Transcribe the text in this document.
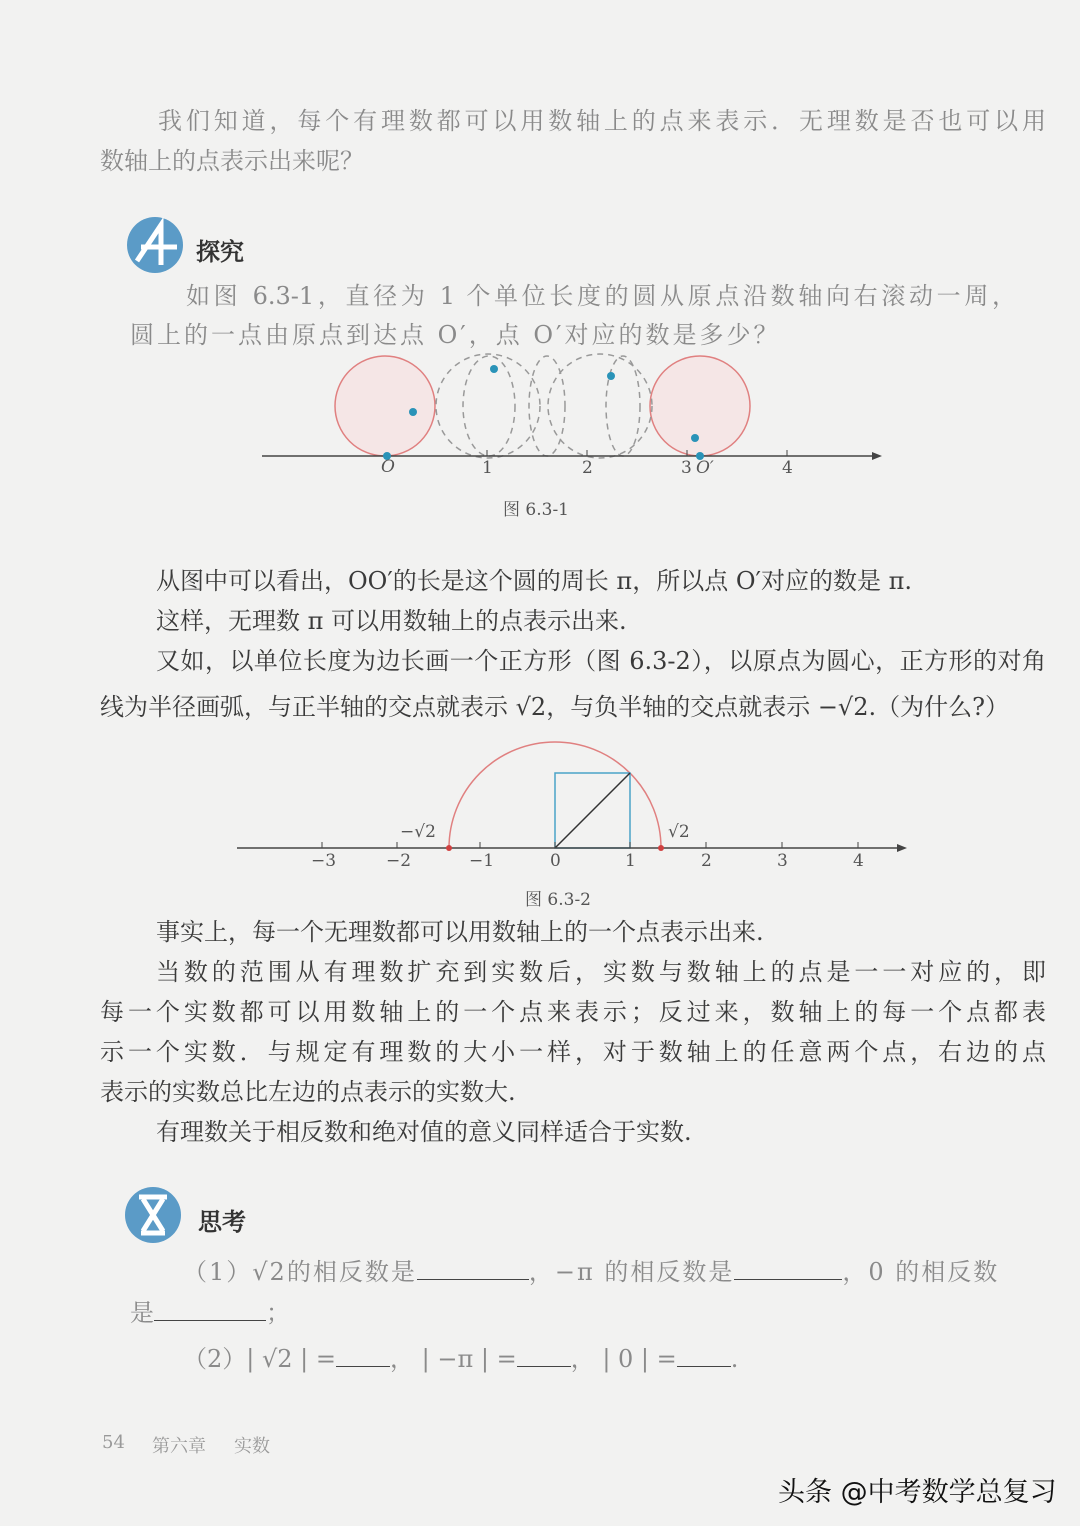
我们知道，每个有理数都可以用数轴上的点来表示．无理数是否也可以用
数轴上的点表示出来呢？
探究
如图 6.3-1，直径为 1 个单位长度的圆从原点沿数轴向右滚动一周，
圆上的一点由原点到达点 O′，点 O′对应的数是多少？
O	1	2	3 O′	4
图 6.3-1
从图中可以看出，OO′的长是这个圆的周长 π，所以点 O′对应的数是 π.
这样，无理数 π 可以用数轴上的点表示出来.
又如，以单位长度为边长画一个正方形（图 6.3-2），以原点为圆心，正方形的对角
线为半径画弧，与正半轴的交点就表示 √2，与负半轴的交点就表示 −√2.（为什么?）
−√2	√2
−3	−2	−1	0	1	2	3	4
图 6.3-2
事实上，每一个无理数都可以用数轴上的一个点表示出来.
当数的范围从有理数扩充到实数后，实数与数轴上的点是一一对应的，即
每一个实数都可以用数轴上的一个点来表示；反过来，数轴上的每一个点都表
示一个实数．与规定有理数的大小一样，对于数轴上的任意两个点，右边的点
表示的实数总比左边的点表示的实数大.
有理数关于相反数和绝对值的意义同样适合于实数.
思考
（1）√2的相反数是	，−π 的相反数是	，0 的相反数
是	；
（2）| √2 | = ， | −π | = ， | 0 | = .
54 第六章 实数
头条 @中考数学总复习
